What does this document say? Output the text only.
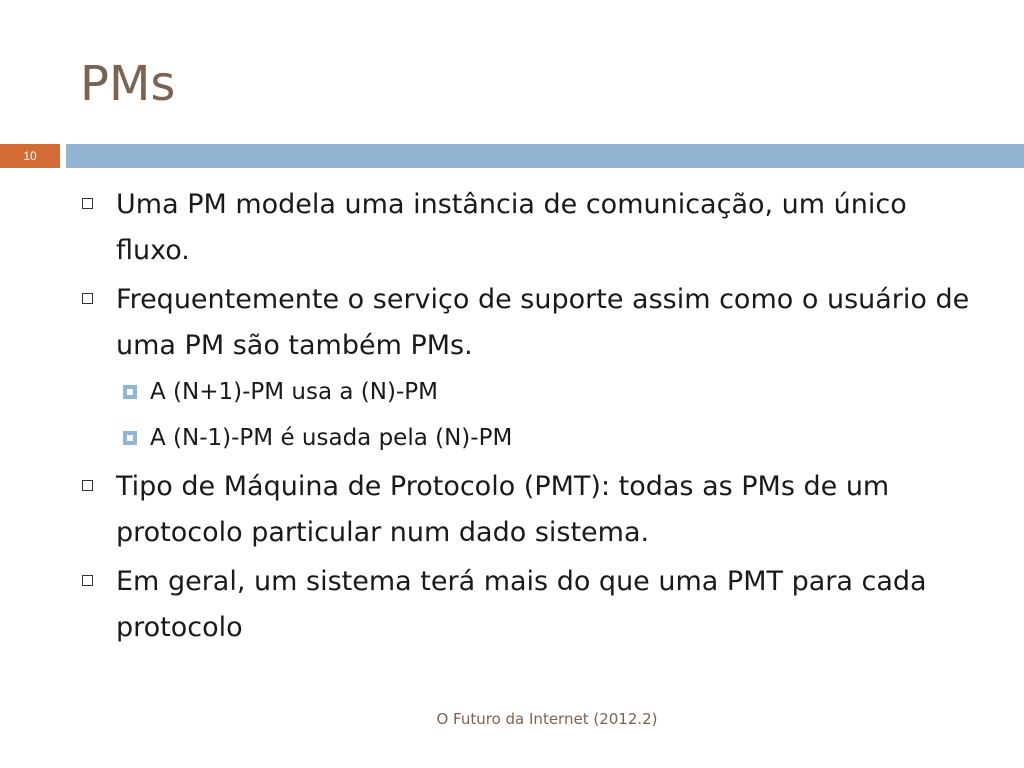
PMs
10
Uma PM modela uma instância de comunicação, um único fluxo.
Frequentemente o serviço de suporte assim como o usuário de uma PM são também PMs.
A (N+1)-PM usa a (N)-PM
A (N-1)-PM é usada pela (N)-PM
Tipo de Máquina de Protocolo (PMT): todas as PMs de um protocolo particular num dado sistema.
Em geral, um sistema terá mais do que uma PMT para cada protocolo
O Futuro da Internet (2012.2)
